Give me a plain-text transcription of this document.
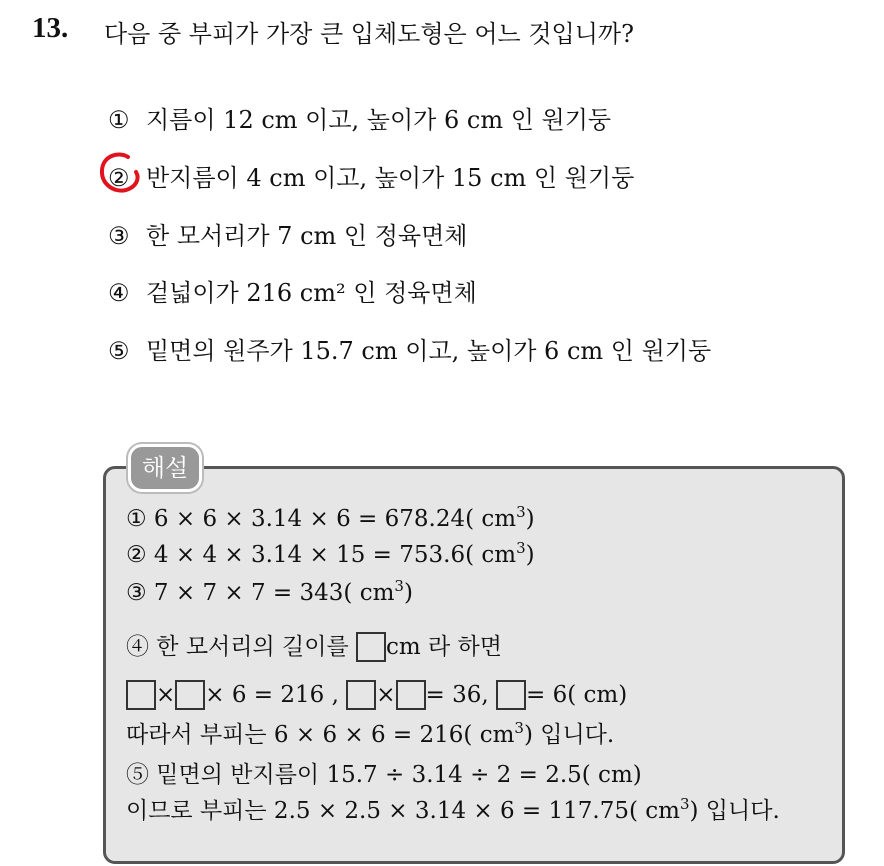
13. 다음 중 부피가 가장 큰 입체도형은 어느 것입니까?
① 지름이 12 cm 이고, 높이가 6 cm 인 원기둥
② 반지름이 4 cm 이고, 높이가 15 cm 인 원기둥
③ 한 모서리가 7 cm 인 정육면체
④ 겉넓이가 216 cm² 인 정육면체
⑤ 밑면의 원주가 15.7 cm 이고, 높이가 6 cm 인 원기둥
해설
① 6 × 6 × 3.14 × 6 = 678.24( $cm^3$)
② 4 × 4 × 3.14 × 15 = 753.6( $cm^3$)
③ 7 × 7 × 7 = 343( $cm^3$)
④ 한 모서리의 길이를 cm 라 하면
× × 6 = 216 , × = 36, = 6( cm)
따라서 부피는 6 × 6 × 6 = 216( $cm^3$) 입니다.
⑤ 밑면의 반지름이 15.7 ÷ 3.14 ÷ 2 = 2.5( cm)
이므로 부피는 2.5 × 2.5 × 3.14 × 6 = 117.75( $cm^3$) 입니다.
